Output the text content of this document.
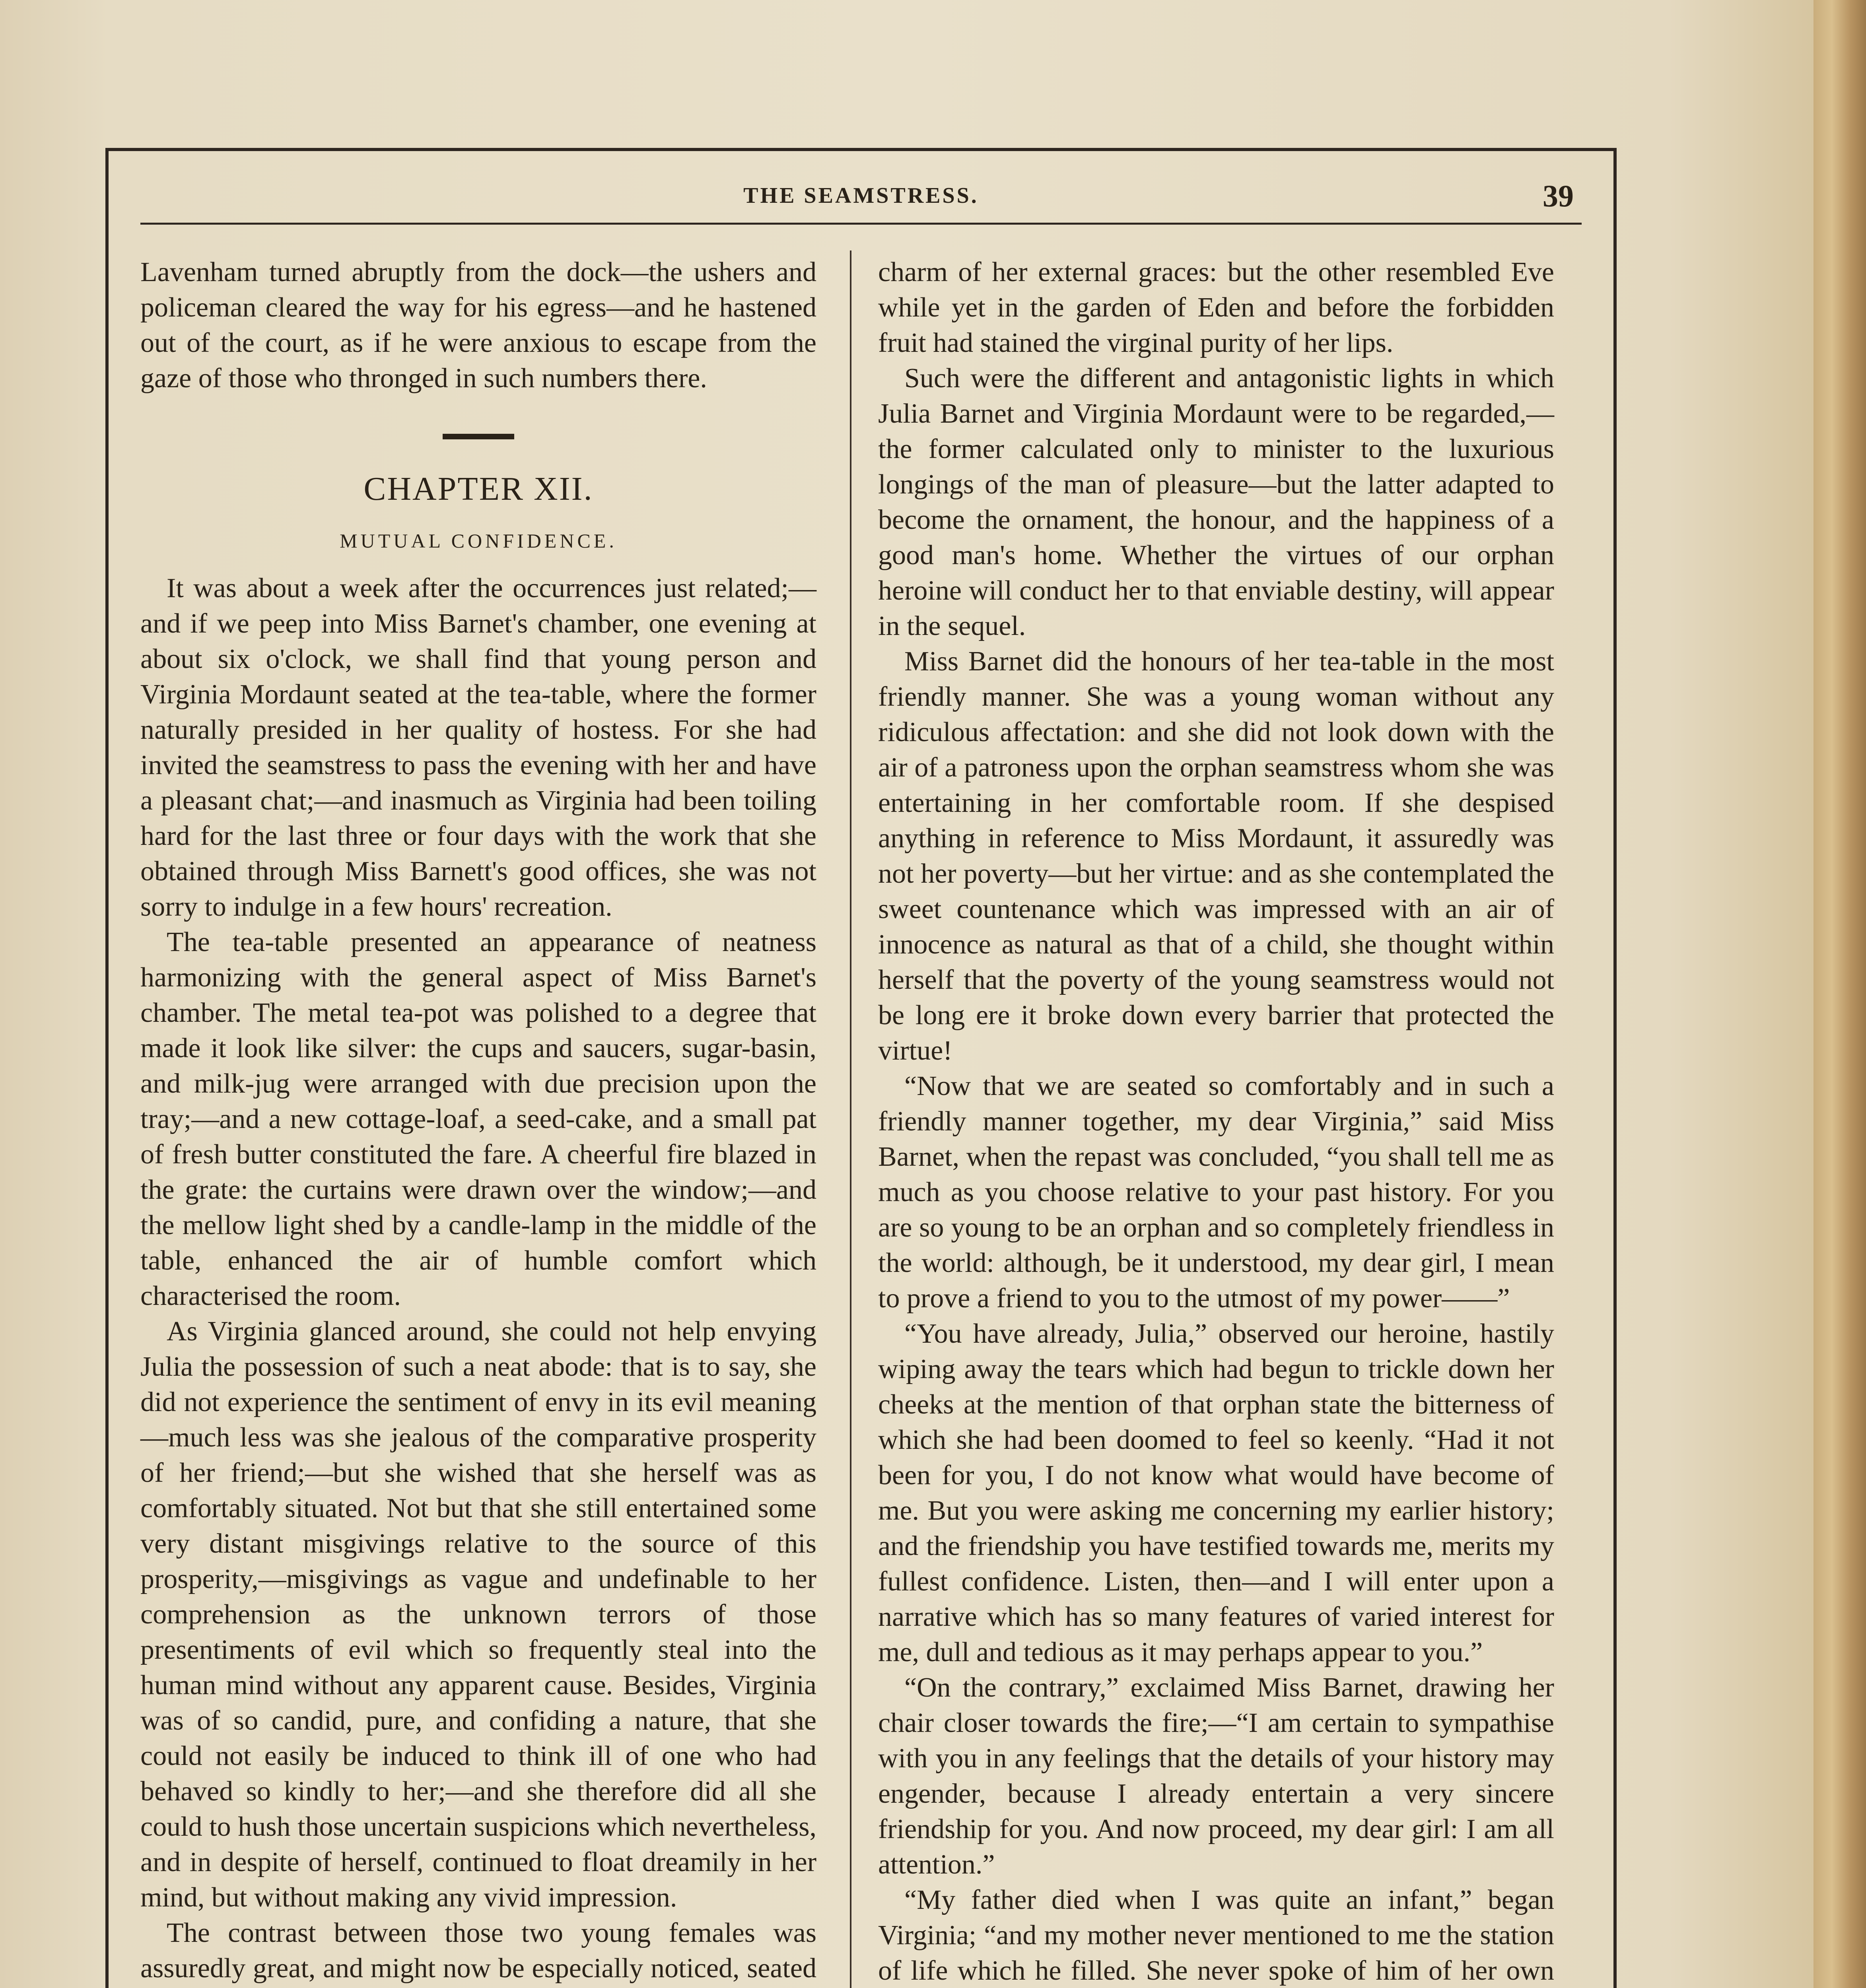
THE SEAMSTRESS.	39

Lavenham turned abruptly from the dock—the ushers and policeman cleared the way for his egress—and he hastened out of the court, as if he were anxious to escape from the gaze of those who thronged in such numbers there.

CHAPTER XII.
MUTUAL CONFIDENCE.

It was about a week after the occurrences just related;—and if we peep into Miss Barnet's chamber, one evening at about six o'clock, we shall find that young person and Virginia Mordaunt seated at the tea-table, where the former naturally presided in her quality of hostess. For she had invited the seamstress to pass the evening with her and have a pleasant chat;—and inasmuch as Virginia had been toiling hard for the last three or four days with the work that she obtained through Miss Barnett's good offices, she was not sorry to indulge in a few hours' recreation.

The tea-table presented an appearance of neatness harmonizing with the general aspect of Miss Barnet's chamber. The metal tea-pot was polished to a degree that made it look like silver: the cups and saucers, sugar-basin, and milk-jug were arranged with due precision upon the tray;—and a new cottage-loaf, a seed-cake, and a small pat of fresh butter constituted the fare. A cheerful fire blazed in the grate: the curtains were drawn over the window;—and the mellow light shed by a candle-lamp in the middle of the table, enhanced the air of humble comfort which characterised the room.

As Virginia glanced around, she could not help envying Julia the possession of such a neat abode: that is to say, she did not experience the sentiment of envy in its evil meaning—much less was she jealous of the comparative prosperity of her friend;—but she wished that she herself was as comfortably situated. Not but that she still entertained some very distant misgivings relative to the source of this prosperity,—misgivings as vague and undefinable to her comprehension as the unknown terrors of those presentiments of evil which so frequently steal into the human mind without any apparent cause. Besides, Virginia was of so candid, pure, and confiding a nature, that she could not easily be induced to think ill of one who had behaved so kindly to her;—and she therefore did all she could to hush those uncertain suspicions which nevertheless, and in despite of herself, continued to float dreamily in her mind, but without making any vivid impression.

The contrast between those two young females was assuredly great, and might now be especially noticed, seated

charm of her external graces: but the other resembled Eve while yet in the garden of Eden and before the forbidden fruit had stained the virginal purity of her lips.

Such were the different and antagonistic lights in which Julia Barnet and Virginia Mordaunt were to be regarded,—the former calculated only to minister to the luxurious longings of the man of pleasure—but the latter adapted to become the ornament, the honour, and the happiness of a good man's home. Whether the virtues of our orphan heroine will conduct her to that enviable destiny, will appear in the sequel.

Miss Barnet did the honours of her tea-table in the most friendly manner. She was a young woman without any ridiculous affectation: and she did not look down with the air of a patroness upon the orphan seamstress whom she was entertaining in her comfortable room. If she despised anything in reference to Miss Mordaunt, it assuredly was not her poverty—but her virtue: and as she contemplated the sweet countenance which was impressed with an air of innocence as natural as that of a child, she thought within herself that the poverty of the young seamstress would not be long ere it broke down every barrier that protected the virtue!

“Now that we are seated so comfortably and in such a friendly manner together, my dear Virginia,” said Miss Barnet, when the repast was concluded, “you shall tell me as much as you choose relative to your past history. For you are so young to be an orphan and so completely friendless in the world: although, be it understood, my dear girl, I mean to prove a friend to you to the utmost of my power——”

“You have already, Julia,” observed our heroine, hastily wiping away the tears which had begun to trickle down her cheeks at the mention of that orphan state the bitterness of which she had been doomed to feel so keenly. “Had it not been for you, I do not know what would have become of me. But you were asking me concerning my earlier history; and the friendship you have testified towards me, merits my fullest confidence. Listen, then—and I will enter upon a narrative which has so many features of varied interest for me, dull and tedious as it may perhaps appear to you.”

“On the contrary,” exclaimed Miss Barnet, drawing her chair closer towards the fire;—“I am certain to sympathise with you in any feelings that the details of your history may engender, because I already entertain a very sincere friendship for you. And now proceed, my dear girl: I am all attention.”

“My father died when I was quite an infant,” began Virginia; “and my mother never mentioned to me the station of life which he filled. She never spoke of him of her own
